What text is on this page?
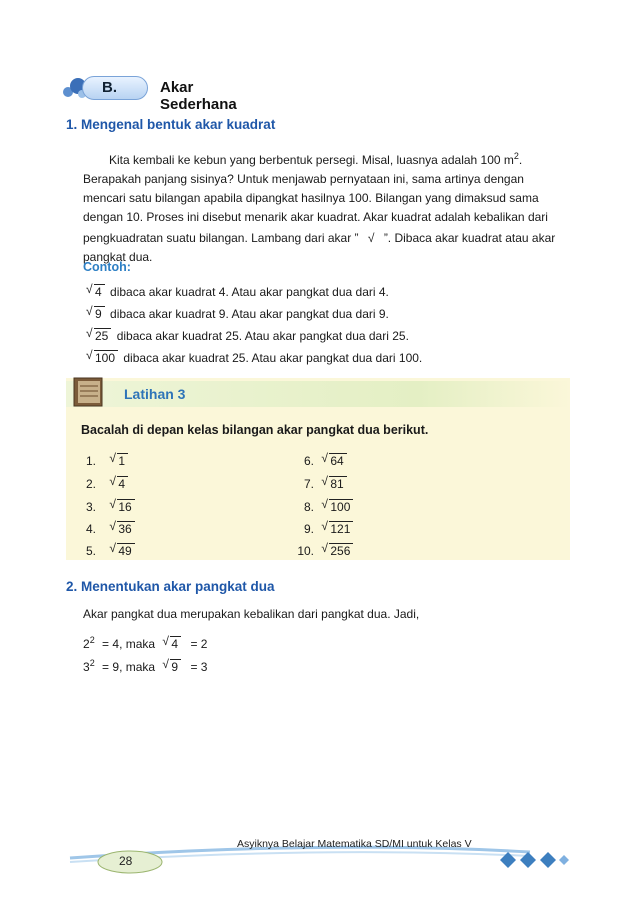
B.	Akar Sederhana
1. Mengenal bentuk akar kuadrat
Kita kembali ke kebun yang berbentuk persegi. Misal, luasnya adalah 100 $m^2$.
Berapakah panjang sisinya? Untuk menjawab pernyataan ini, sama artinya dengan
mencari satu bilangan apabila dipangkat hasilnya 100. Bilangan yang dimaksud sama
dengan 10. Proses ini disebut menarik akar kuadrat. Akar kuadrat adalah kebalikan dari
pengkuadratan suatu bilangan. Lambang dari akar ” √ ”. Dibaca akar kuadrat atau akar
pangkat dua.
Contoh:
√ 4 dibaca akar kuadrat 4. Atau akar pangkat dua dari 4.
√ 9 dibaca akar kuadrat 9. Atau akar pangkat dua dari 9.
√ 25 dibaca akar kuadrat 25. Atau akar pangkat dua dari 25.
√ 100 dibaca akar kuadrat 25. Atau akar pangkat dua dari 100.
Latihan 3
Bacalah di depan kelas bilangan akar pangkat dua berikut.
1. √ 1
2. √ 4
3. √ 16
4. √ 36
5. √ 49
6. √ 64
7. √ 81
8. √ 100
9. √ 121
10. √ 256
2. Menentukan akar pangkat dua
Akar pangkat dua merupakan kebalikan dari pangkat dua. Jadi,
$2^2 = 4$, maka √ 4 = 2
$3^2 = 9$, maka √ 9 = 3
28
Asyiknya Belajar Matematika SD/MI untuk Kelas V
